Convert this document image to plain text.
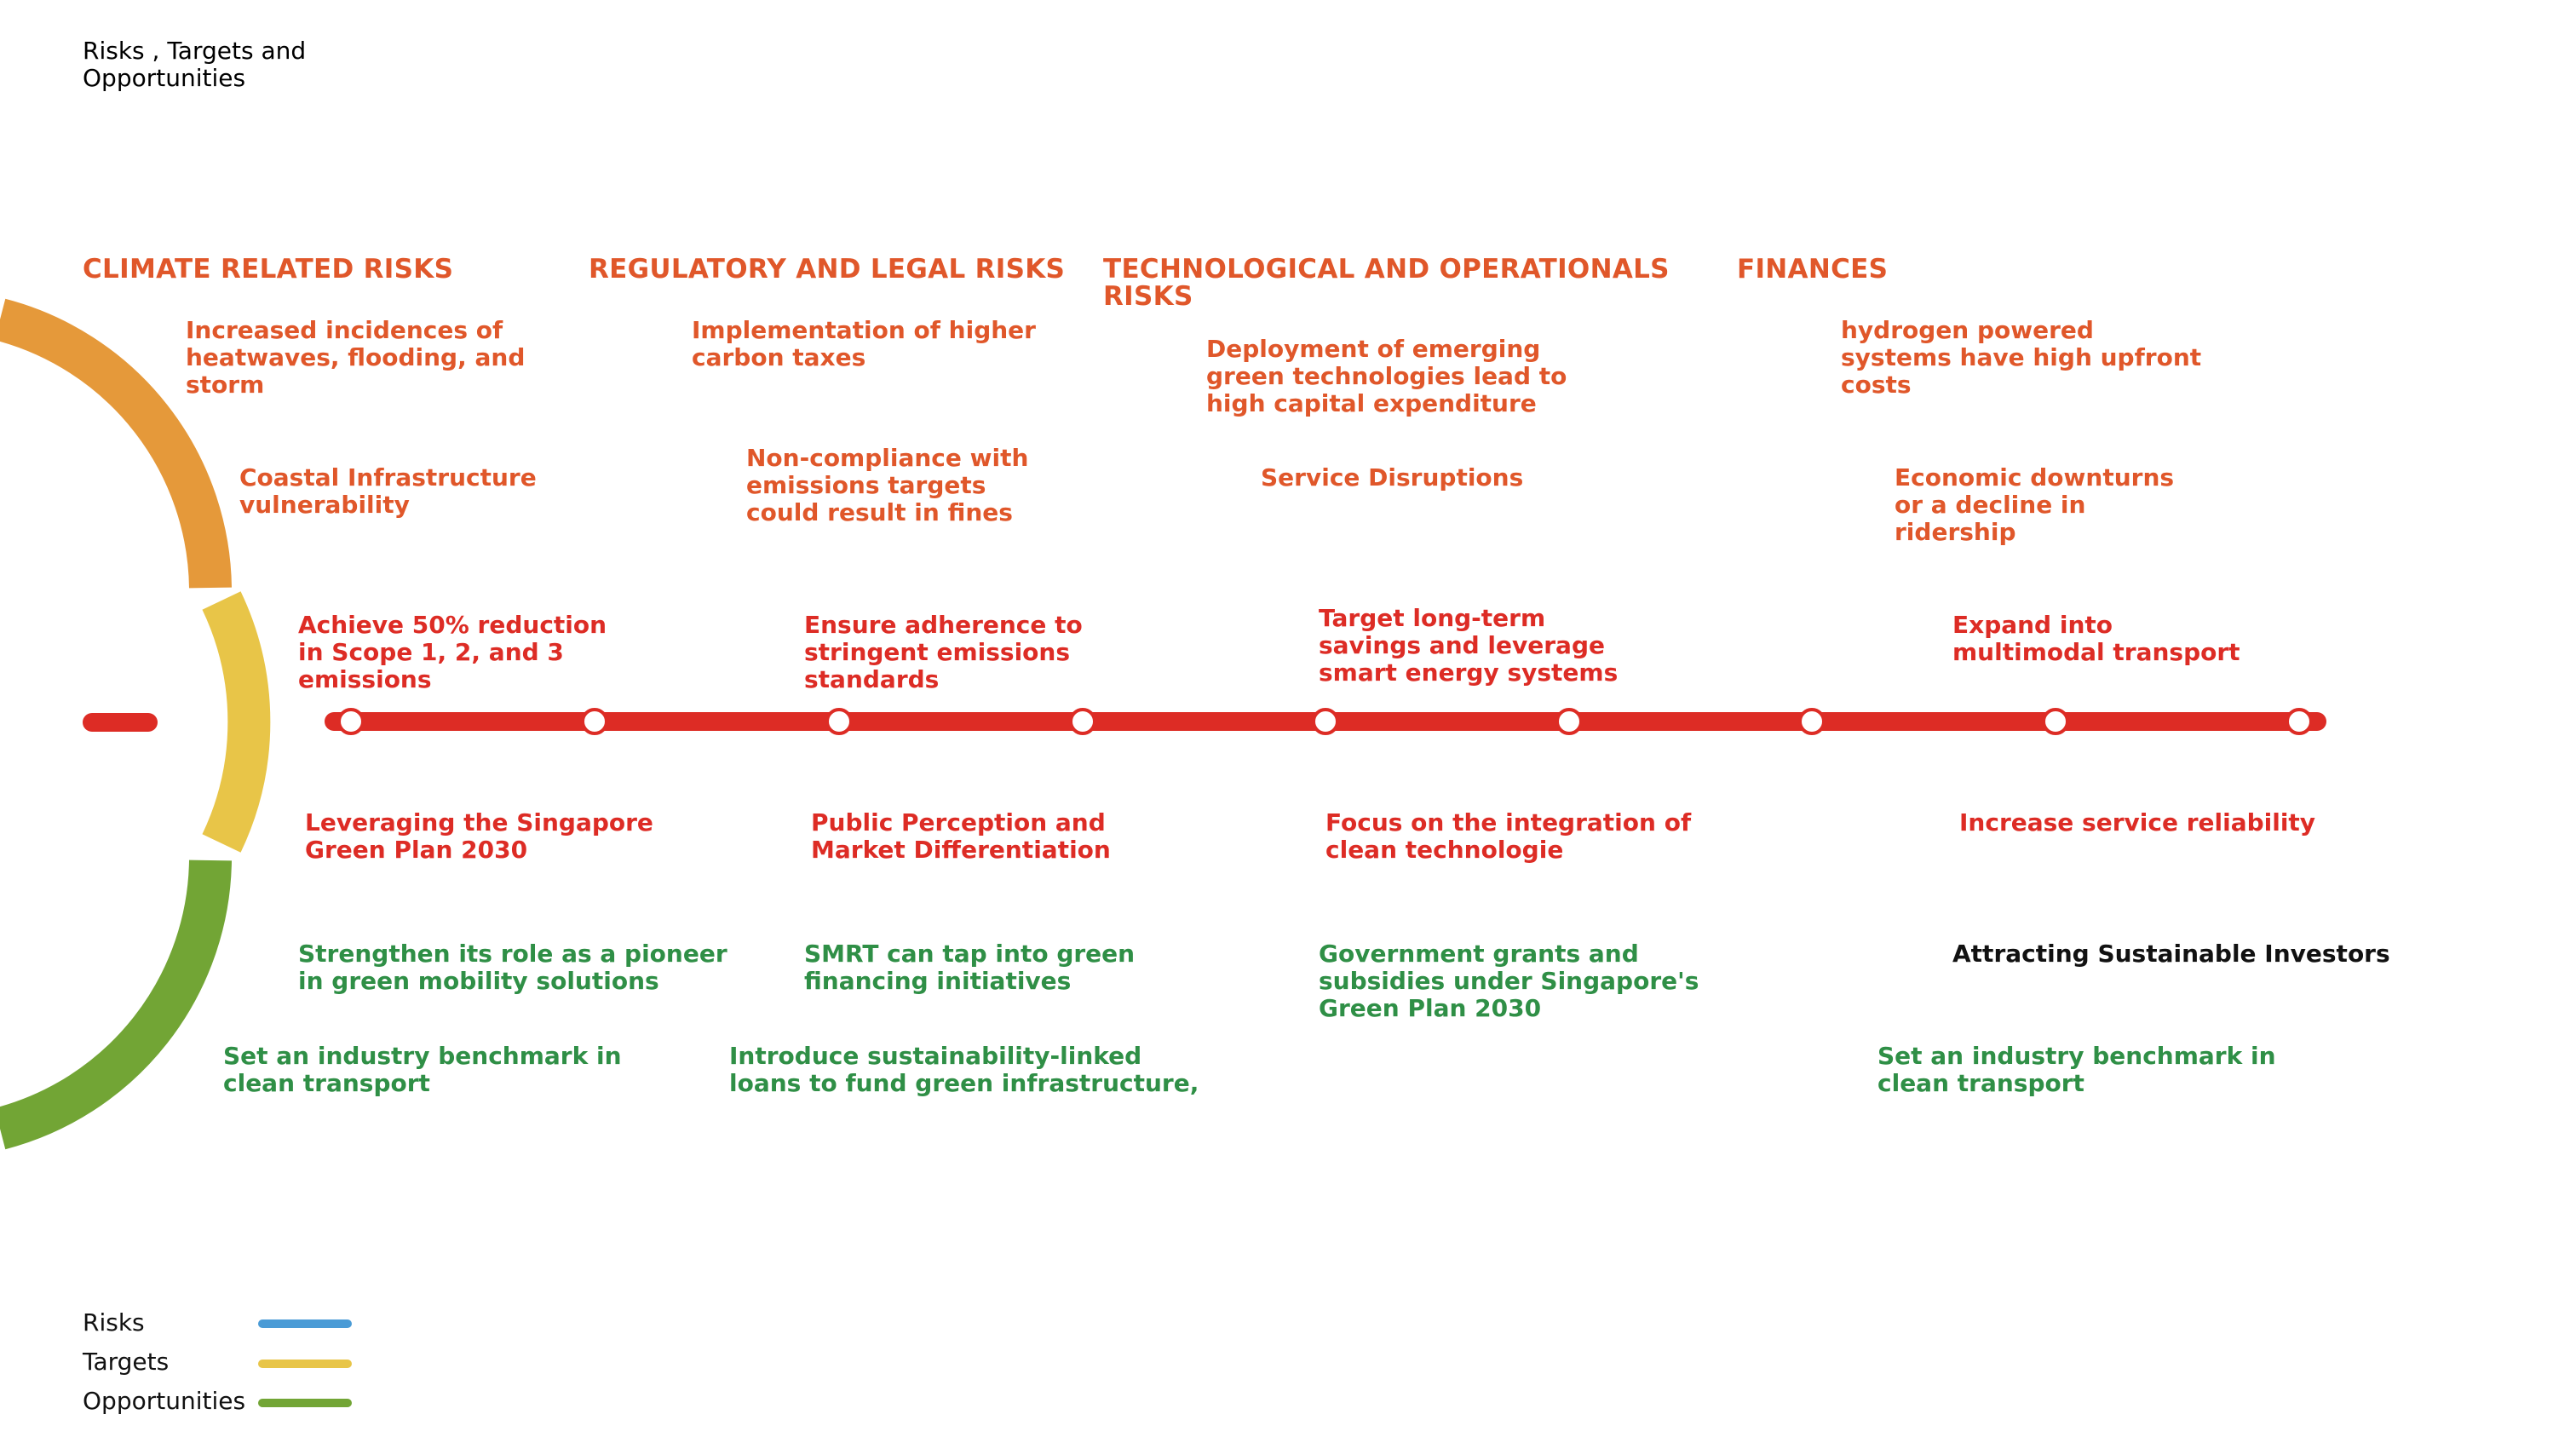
Risks , Targets and
Opportunities
CLIMATE RELATED RISKS	REGULATORY AND LEGAL RISKS TECHNOLOGICAL AND OPERATIONALS
RISKS
FINANCES
Increased incidences of
heatwaves, flooding, and
storm
Coastal Infrastructure
vulnerability
Implementation of higher
carbon taxes
Non-compliance with
emissions targets
could result in fines
Deployment of emerging
green technologies lead to
high capital expenditure
Service Disruptions
hydrogen powered
systems have high upfront
costs
Economic downturns
or a decline in
ridership
Achieve 50% reduction
in Scope 1, 2, and 3
emissions
Ensure adherence to
stringent emissions
standards
Target long-term
savings and leverage
smart energy systems
Expand into
multimodal transport
Leveraging the Singapore
Green Plan 2030
Public Perception and
Market Differentiation
Focus on the integration of
clean technologie
Increase service reliability
Strengthen its role as a pioneer
in green mobility solutions
Set an industry benchmark in
clean transport
SMRT can tap into green
financing initiatives
Introduce sustainability-linked
loans to fund green infrastructure,
Government grants and
subsidies under Singapore's
Green Plan 2030
Attracting Sustainable Investors
Set an industry benchmark in
clean transport
Risks
Targets
Opportunities
